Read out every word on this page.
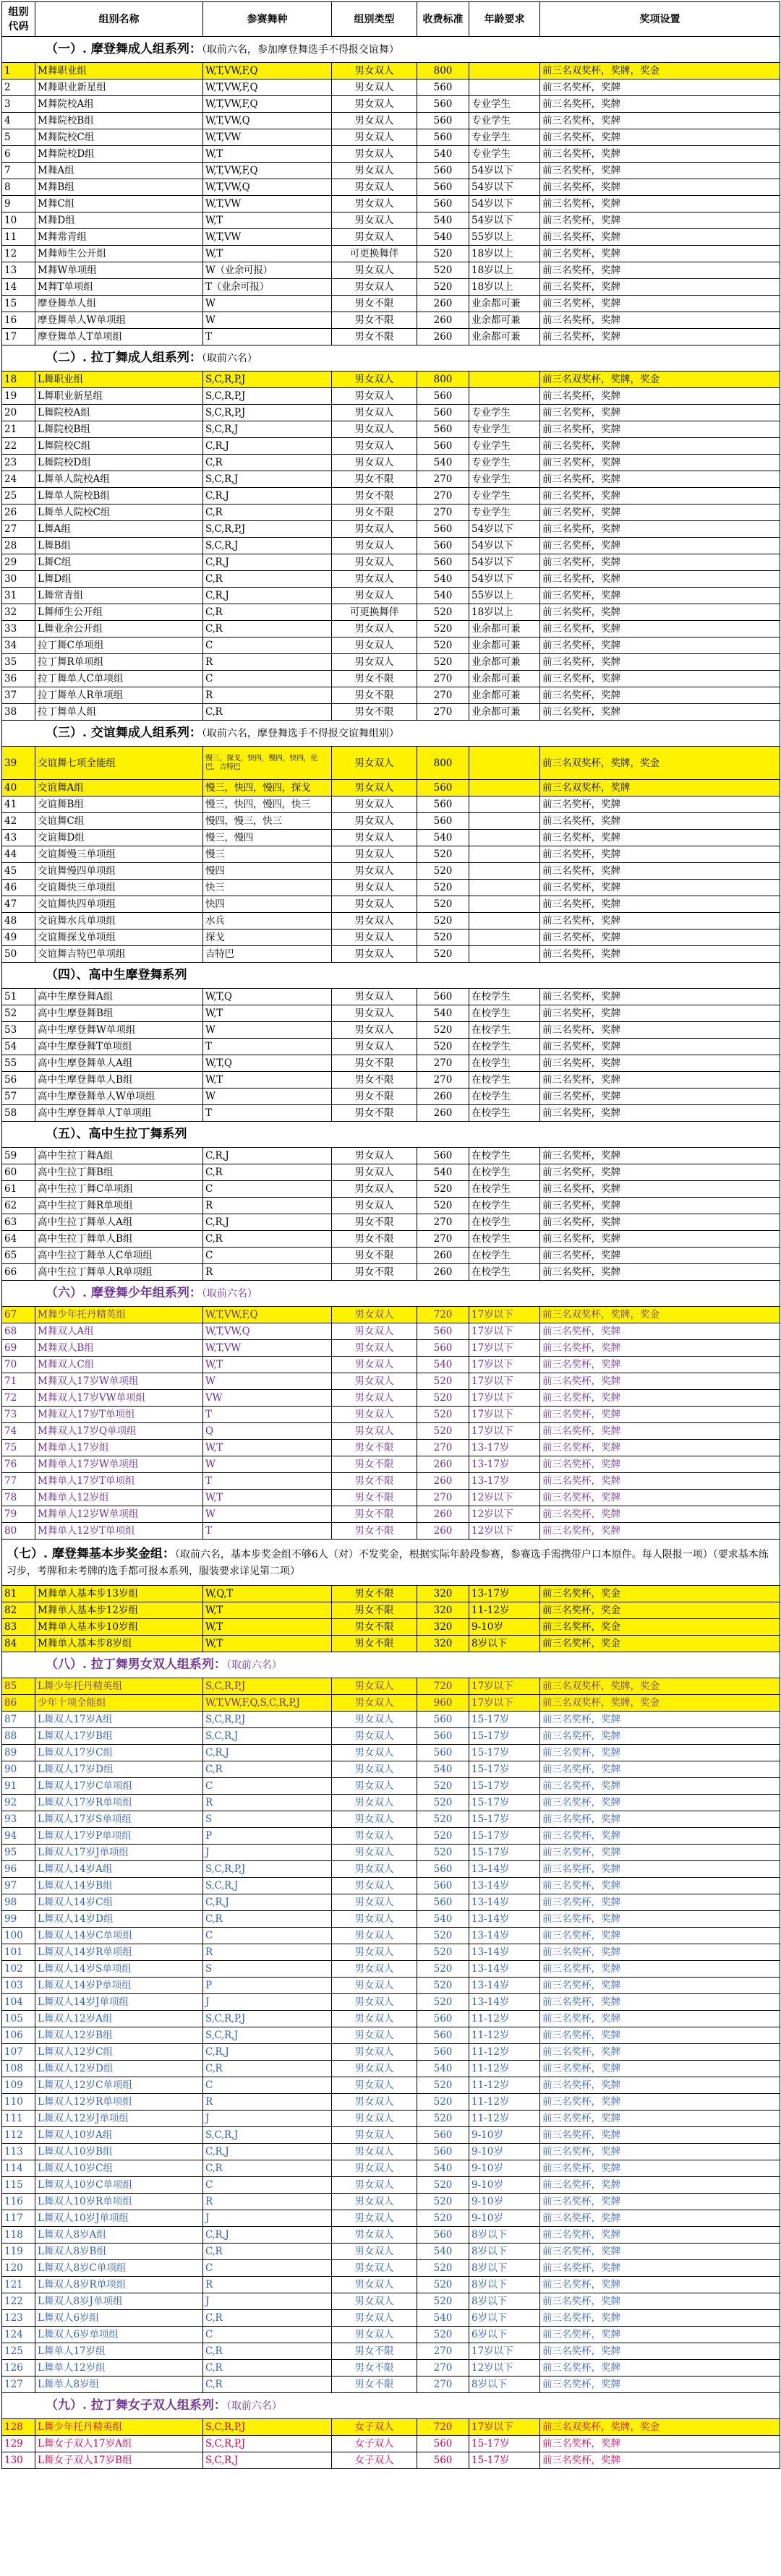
组别代码	组别名称	参赛舞种	组别类型	收费标准	年龄要求	奖项设置
（一）. 摩登舞成人组系列：（取前六名，参加摩登舞选手不得报交谊舞）						
1	M舞职业组	W,T,VW,F,Q	男女双人	800		前三名双奖杯，奖牌，奖金
2	M舞职业新星组	W,T,VW,F,Q	男女双人	560		前三名奖杯，奖牌
3	M舞院校A组	W,T,VW,F,Q	男女双人	560	专业学生	前三名奖杯，奖牌
4	M舞院校B组	W,T,VW,Q	男女双人	560	专业学生	前三名奖杯，奖牌
5	M舞院校C组	W,T,VW	男女双人	560	专业学生	前三名奖杯，奖牌
6	M舞院校D组	W,T	男女双人	540	专业学生	前三名奖杯，奖牌
7	M舞A组	W,T,VW,F,Q	男女双人	560	54岁以下	前三名奖杯，奖牌
8	M舞B组	W,T,VW,Q	男女双人	560	54岁以下	前三名奖杯，奖牌
9	M舞C组	W,T,VW	男女双人	560	54岁以下	前三名奖杯，奖牌
10	M舞D组	W,T	男女双人	540	54岁以下	前三名奖杯，奖牌
11	M舞常青组	W,T,VW	男女双人	540	55岁以上	前三名奖杯，奖牌
12	M舞师生公开组	W,T	可更换舞伴	520	18岁以上	前三名奖杯，奖牌
13	M舞W单项组	W（业余可报）	男女双人	520	18岁以上	前三名奖杯，奖牌
14	M舞T单项组	T（业余可报）	男女双人	520	18岁以上	前三名奖杯，奖牌
15	摩登舞单人组	W	男女不限	260	业余都可兼	前三名奖杯，奖牌
16	摩登舞单人W单项组	W	男女不限	260	业余都可兼	前三名奖杯，奖牌
17	摩登舞单人T单项组	T	男女不限	260	业余都可兼	前三名奖杯，奖牌
（二）. 拉丁舞成人组系列：（取前六名）						
18	L舞职业组	S,C,R,P,J	男女双人	800		前三名双奖杯，奖牌，奖金
19	L舞职业新星组	S,C,R,P,J	男女双人	560		前三名奖杯，奖牌
20	L舞院校A组	S,C,R,P,J	男女双人	560	专业学生	前三名奖杯，奖牌
21	L舞院校B组	S,C,R,J	男女双人	560	专业学生	前三名奖杯，奖牌
22	L舞院校C组	C,R,J	男女双人	560	专业学生	前三名奖杯，奖牌
23	L舞院校D组	C,R	男女双人	540	专业学生	前三名奖杯，奖牌
24	L舞单人院校A组	S,C,R,J	男女不限	270	专业学生	前三名奖杯，奖牌
25	L舞单人院校B组	C,R,J	男女不限	270	专业学生	前三名奖杯，奖牌
26	L舞单人院校C组	C,R	男女不限	270	专业学生	前三名奖杯，奖牌
27	L舞A组	S,C,R,P,J	男女双人	560	54岁以下	前三名奖杯，奖牌
28	L舞B组	S,C,R,J	男女双人	560	54岁以下	前三名奖杯，奖牌
29	L舞C组	C,R,J	男女双人	560	54岁以下	前三名奖杯，奖牌
30	L舞D组	C,R	男女双人	540	54岁以下	前三名奖杯，奖牌
31	L舞常青组	C,R,J	男女双人	540	55岁以上	前三名奖杯，奖牌
32	L舞师生公开组	C,R	可更换舞伴	520	18岁以上	前三名奖杯，奖牌
33	L舞业余公开组	C,R	男女双人	520	业余都可兼	前三名奖杯，奖牌
34	拉丁舞C单项组	C	男女双人	520	业余都可兼	前三名奖杯，奖牌
35	拉丁舞R单项组	R	男女双人	520	业余都可兼	前三名奖杯，奖牌
36	拉丁舞单人C单项组	C	男女不限	270	业余都可兼	前三名奖杯，奖牌
37	拉丁舞单人R单项组	R	男女不限	270	业余都可兼	前三名奖杯，奖牌
38	拉丁舞单人组	C,R	男女不限	270	业余都可兼	前三名奖杯，奖牌
（三）. 交谊舞成人组系列：（取前六名，摩登舞选手不得报交谊舞组别）						
39	交谊舞七项全能组	慢三，探戈，快四，慢四，快四，伦巴，吉特巴	男女双人	800		前三名双奖杯，奖牌，奖金
40	交谊舞A组	慢三，快四，慢四，探戈	男女双人	560		前三名双奖杯，奖牌
41	交谊舞B组	慢三，快四，慢四，快三	男女双人	560		前三名奖杯，奖牌
42	交谊舞C组	慢四，慢三，快三	男女双人	560		前三名奖杯，奖牌
43	交谊舞D组	慢三，慢四	男女双人	540		前三名奖杯，奖牌
44	交谊舞慢三单项组	慢三	男女双人	520		前三名奖杯，奖牌
45	交谊舞慢四单项组	慢四	男女双人	520		前三名奖杯，奖牌
46	交谊舞快三单项组	快三	男女双人	520		前三名奖杯，奖牌
47	交谊舞快四单项组	快四	男女双人	520		前三名奖杯，奖牌
48	交谊舞水兵单项组	水兵	男女双人	520		前三名奖杯，奖牌
49	交谊舞探戈单项组	探戈	男女双人	520		前三名奖杯，奖牌
50	交谊舞吉特巴单项组	吉特巴	男女双人	520		前三名奖杯，奖牌
（四）、高中生摩登舞系列						
51	高中生摩登舞A组	W,T,Q	男女双人	560	在校学生	前三名奖杯，奖牌
52	高中生摩登舞B组	W,T	男女双人	540	在校学生	前三名奖杯，奖牌
53	高中生摩登舞W单项组	W	男女双人	520	在校学生	前三名奖杯，奖牌
54	高中生摩登舞T单项组	T	男女双人	520	在校学生	前三名奖杯，奖牌
55	高中生摩登舞单人A组	W,T,Q	男女不限	270	在校学生	前三名奖杯，奖牌
56	高中生摩登舞单人B组	W,T	男女不限	270	在校学生	前三名奖杯，奖牌
57	高中生摩登舞单人W单项组	W	男女不限	260	在校学生	前三名奖杯，奖牌
58	高中生摩登舞单人T单项组	T	男女不限	260	在校学生	前三名奖杯，奖牌
（五）、高中生拉丁舞系列						
59	高中生拉丁舞A组	C,R,J	男女双人	560	在校学生	前三名奖杯，奖牌
60	高中生拉丁舞B组	C,R	男女双人	540	在校学生	前三名奖杯，奖牌
61	高中生拉丁舞C单项组	C	男女双人	520	在校学生	前三名奖杯，奖牌
62	高中生拉丁舞R单项组	R	男女双人	520	在校学生	前三名奖杯，奖牌
63	高中生拉丁舞单人A组	C,R,J	男女不限	270	在校学生	前三名奖杯，奖牌
64	高中生拉丁舞单人B组	C,R	男女不限	270	在校学生	前三名奖杯，奖牌
65	高中生拉丁舞单人C单项组	C	男女不限	260	在校学生	前三名奖杯，奖牌
66	高中生拉丁舞单人R单项组	R	男女不限	260	在校学生	前三名奖杯，奖牌
（六）. 摩登舞少年组系列：（取前六名）						
67	M舞少年托丹精英组	W,T,VW,F,Q	男女双人	720	17岁以下	前三名双奖杯，奖牌，奖金
68	M舞双人A组	W,T,VW,Q	男女双人	560	17岁以下	前三名奖杯，奖牌
69	M舞双人B组	W,T,VW	男女双人	560	17岁以下	前三名奖杯，奖牌
70	M舞双人C组	W,T	男女双人	540	17岁以下	前三名奖杯，奖牌
71	M舞双人17岁W单项组	W	男女双人	520	17岁以下	前三名奖杯，奖牌
72	M舞双人17岁VW单项组	VW	男女双人	520	17岁以下	前三名奖杯，奖牌
73	M舞双人17岁T单项组	T	男女双人	520	17岁以下	前三名奖杯，奖牌
74	M舞双人17岁Q单项组	Q	男女双人	520	17岁以下	前三名奖杯，奖牌
75	M舞单人17岁组	W,T	男女不限	270	13-17岁	前三名奖杯，奖牌
76	M舞单人17岁W单项组	W	男女不限	260	13-17岁	前三名奖杯，奖牌
77	M舞单人17岁T单项组	T	男女不限	260	13-17岁	前三名奖杯，奖牌
78	M舞单人12岁组	W,T	男女不限	270	12岁以下	前三名奖杯，奖牌
79	M舞单人12岁W单项组	W	男女不限	260	12岁以下	前三名奖杯，奖牌
80	M舞单人12岁T单项组	T	男女不限	260	12岁以下	前三名奖杯，奖牌
（七）. 摩登舞基本步奖金组：（取前六名，基本步奖金组不够6人（对）不发奖金，根据实际年龄段参赛，参赛选手需携带户口本原件。每人限报一项）（要求基本练习步，考牌和未考牌的选手都可报本系列，服装要求详见第二项）						
81	M舞单人基本步13岁组	W,Q,T	男女不限	320	13-17岁	前三名奖杯，奖金
82	M舞单人基本步12岁组	W,T	男女不限	320	11-12岁	前三名奖杯，奖金
83	M舞单人基本步10岁组	W,T	男女不限	320	9-10岁	前三名奖杯，奖金
84	M舞单人基本步8岁组	W,T	男女不限	320	8岁以下	前三名奖杯，奖金
（八）. 拉丁舞男女双人组系列：（取前六名）						
85	L舞少年托丹精英组	S,C,R,P,J	男女双人	720	17岁以下	前三名双奖杯，奖牌，奖金
86	少年十项全能组	W,T,VW,F,Q,S,C,R,P,J	男女双人	960	17岁以下	前三名双奖杯，奖牌，奖金
87	L舞双人17岁A组	S,C,R,P,J	男女双人	560	15-17岁	前三名奖杯，奖牌
88	L舞双人17岁B组	S,C,R,J	男女双人	560	15-17岁	前三名奖杯，奖牌
89	L舞双人17岁C组	C,R,J	男女双人	560	15-17岁	前三名奖杯，奖牌
90	L舞双人17岁D组	C,R	男女双人	540	15-17岁	前三名奖杯，奖牌
91	L舞双人17岁C单项组	C	男女双人	520	15-17岁	前三名奖杯，奖牌
92	L舞双人17岁R单项组	R	男女双人	520	15-17岁	前三名奖杯，奖牌
93	L舞双人17岁S单项组	S	男女双人	520	15-17岁	前三名奖杯，奖牌
94	L舞双人17岁P单项组	P	男女双人	520	15-17岁	前三名奖杯，奖牌
95	L舞双人17岁J单项组	J	男女双人	520	15-17岁	前三名奖杯，奖牌
96	L舞双人14岁A组	S,C,R,P,J	男女双人	560	13-14岁	前三名奖杯，奖牌
97	L舞双人14岁B组	S,C,R,J	男女双人	560	13-14岁	前三名奖杯，奖牌
98	L舞双人14岁C组	C,R,J	男女双人	560	13-14岁	前三名奖杯，奖牌
99	L舞双人14岁D组	C,R	男女双人	540	13-14岁	前三名奖杯，奖牌
100	L舞双人14岁C单项组	C	男女双人	520	13-14岁	前三名奖杯，奖牌
101	L舞双人14岁R单项组	R	男女双人	520	13-14岁	前三名奖杯，奖牌
102	L舞双人14岁S单项组	S	男女双人	520	13-14岁	前三名奖杯，奖牌
103	L舞双人14岁P单项组	P	男女双人	520	13-14岁	前三名奖杯，奖牌
104	L舞双人14岁J单项组	J	男女双人	520	13-14岁	前三名奖杯，奖牌
105	L舞双人12岁A组	S,C,R,P,J	男女双人	560	11-12岁	前三名奖杯，奖牌
106	L舞双人12岁B组	S,C,R,J	男女双人	560	11-12岁	前三名奖杯，奖牌
107	L舞双人12岁C组	C,R,J	男女双人	560	11-12岁	前三名奖杯，奖牌
108	L舞双人12岁D组	C,R	男女双人	540	11-12岁	前三名奖杯，奖牌
109	L舞双人12岁C单项组	C	男女双人	520	11-12岁	前三名奖杯，奖牌
110	L舞双人12岁R单项组	R	男女双人	520	11-12岁	前三名奖杯，奖牌
111	L舞双人12岁J单项组	J	男女双人	520	11-12岁	前三名奖杯，奖牌
112	L舞双人10岁A组	S,C,R,J	男女双人	560	9-10岁	前三名奖杯，奖牌
113	L舞双人10岁B组	C,R,J	男女双人	560	9-10岁	前三名奖杯，奖牌
114	L舞双人10岁C组	C,R	男女双人	540	9-10岁	前三名奖杯，奖牌
115	L舞双人10岁C单项组	C	男女双人	520	9-10岁	前三名奖杯，奖牌
116	L舞双人10岁R单项组	R	男女双人	520	9-10岁	前三名奖杯，奖牌
117	L舞双人10岁J单项组	J	男女双人	520	9-10岁	前三名奖杯，奖牌
118	L舞双人8岁A组	C,R,J	男女双人	560	8岁以下	前三名奖杯，奖牌
119	L舞双人8岁B组	C,R	男女双人	540	8岁以下	前三名奖杯，奖牌
120	L舞双人8岁C单项组	C	男女双人	520	8岁以下	前三名奖杯，奖牌
121	L舞双人8岁R单项组	R	男女双人	520	8岁以下	前三名奖杯，奖牌
122	L舞双人8岁J单项组	J	男女双人	520	8岁以下	前三名奖杯，奖牌
123	L舞双人6岁组	C,R	男女双人	540	6岁以下	前三名奖杯，奖牌
124	L舞双人6岁单项组	C	男女双人	520	6岁以下	前三名奖杯，奖牌
125	L舞单人17岁组	C,R	男女不限	270	17岁以下	前三名奖杯，奖牌
126	L舞单人12岁组	C,R	男女不限	270	12岁以下	前三名奖杯，奖牌
127	L舞单人8岁组	C,R	男女不限	270	8岁以下	前三名奖杯，奖牌
（九）. 拉丁舞女子双人组系列：（取前六名）						
128	L舞少年托丹精英组	S,C,R,P,J	女子双人	720	17岁以下	前三名双奖杯，奖牌，奖金
129	L舞女子双人17岁A组	S,C,R,P,J	女子双人	560	15-17岁	前三名奖杯，奖牌
130	L舞女子双人17岁B组	S,C,R,J	女子双人	560	15-17岁	前三名奖杯，奖牌
